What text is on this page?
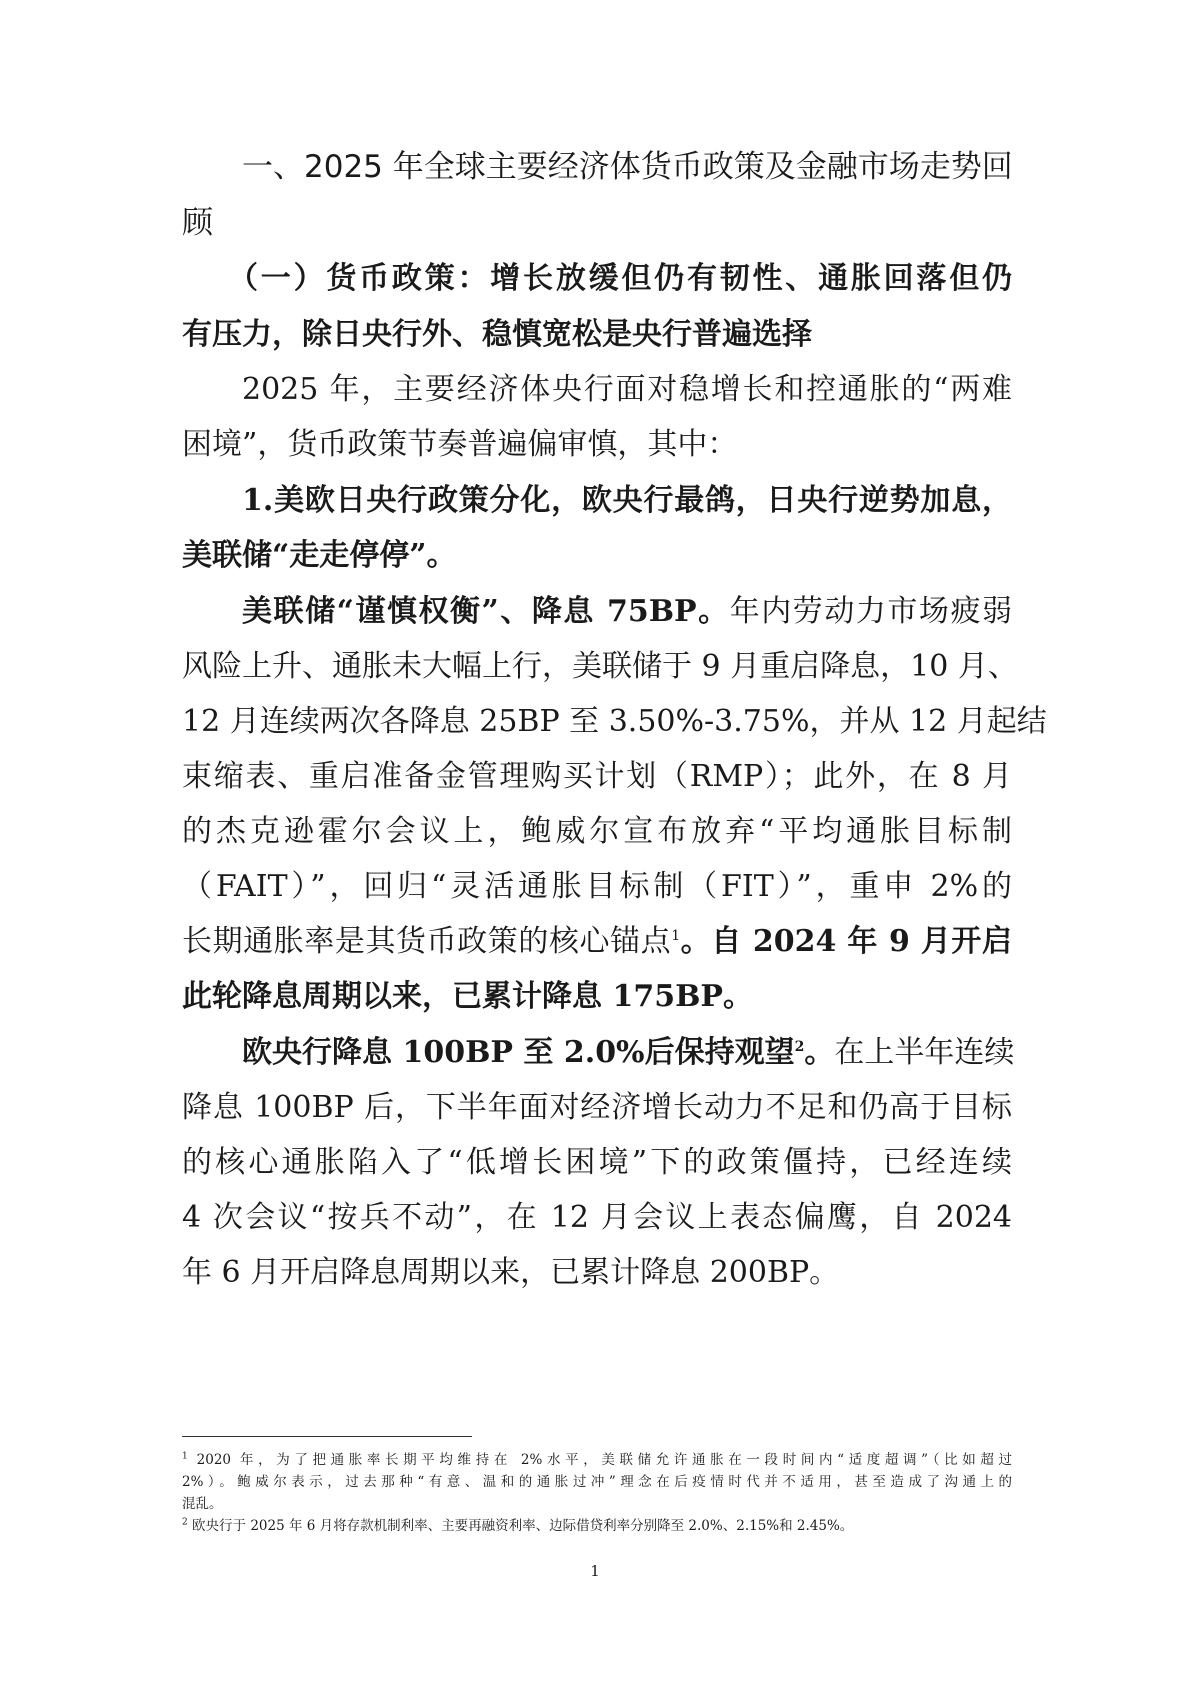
一、2025 年全球主要经济体货币政策及金融市场走势回
顾
（一）货币政策：增长放缓但仍有韧性、通胀回落但仍
有压力，除日央行外、稳慎宽松是央行普遍选择
2025 年，主要经济体央行面对稳增长和控通胀的“两难
困境”，货币政策节奏普遍偏审慎，其中：
1.美欧日央行政策分化，欧央行最鸽，日央行逆势加息，
美联储“走走停停”。
美联储“谨慎权衡”、降息 75BP。年内劳动力市场疲弱
风险上升、通胀未大幅上行，美联储于 9 月重启降息，10 月、
12 月连续两次各降息 25BP 至 3.50%-3.75%，并从 12 月起结
束缩表、重启准备金管理购买计划（RMP）；此外，在 8 月
的杰克逊霍尔会议上，鲍威尔宣布放弃“平均通胀目标制
（FAIT）”，回归“灵活通胀目标制（FIT）”，重申 2%的
长期通胀率是其货币政策的核心锚点$^1$。自 2024 年 9 月开启
此轮降息周期以来，已累计降息 175BP。
欧央行降息 100BP 至 2.0%后保持观望$^2$。在上半年连续
降息 100BP 后，下半年面对经济增长动力不足和仍高于目标
的核心通胀陷入了“低增长困境”下的政策僵持，已经连续
4 次会议“按兵不动”，在 12 月会议上表态偏鹰，自 2024
年 6 月开启降息周期以来，已累计降息 200BP。
$^1$ 2020 年，为了把通胀率长期平均维持在 2%水平，美联储允许通胀在一段时间内“适度超调”（比如超过
2%）。鲍威尔表示，过去那种“有意、温和的通胀过冲”理念在后疫情时代并不适用，甚至造成了沟通上的
混乱。
$^2$ 欧央行于 2025 年 6 月将存款机制利率、主要再融资利率、边际借贷利率分别降至 2.0%、2.15%和 2.45%。
1
